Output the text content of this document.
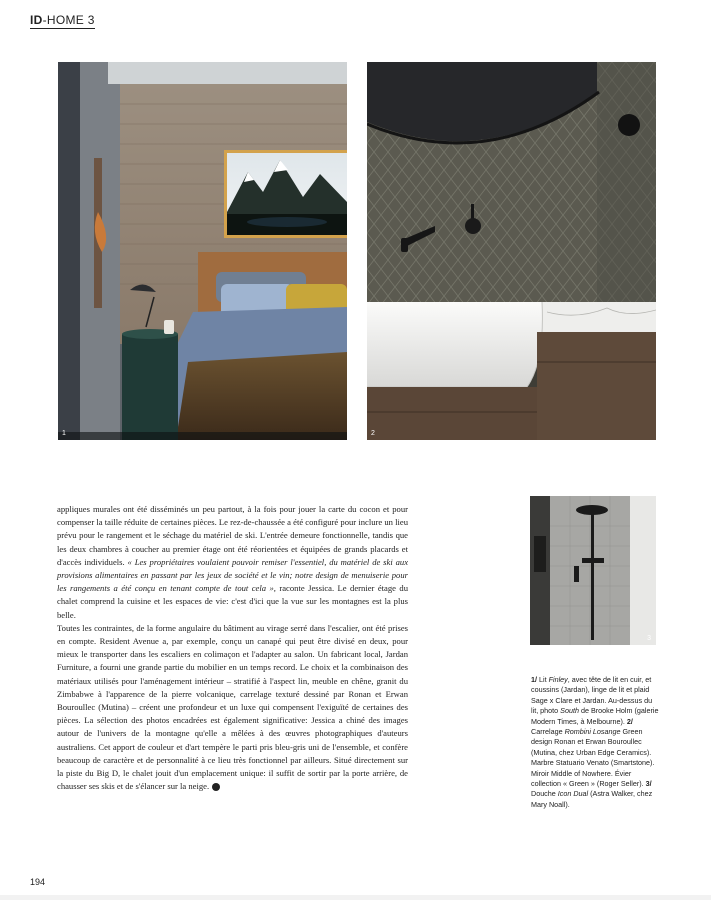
ID-HOME 3
1	2

appliques murales ont été disséminés un peu partout, à la fois pour jouer la carte du cocon et pour compenser la taille réduite de certaines pièces. Le rez-de-chaussée a été configuré pour inclure un lieu prévu pour le rangement et le séchage du matériel de ski. L'entrée demeure fonctionnelle, tandis que les deux chambres à coucher au premier étage ont été réorientées et équipées de grands placards et d'accès individuels. « Les propriétaires voulaient pouvoir remiser l'essentiel, du matériel de ski aux provisions alimentaires en passant par les jeux de société et le vin; notre design de menuiserie pour les rangements a été conçu en tenant compte de tout cela », raconte Jessica. Le dernier étage du chalet comprend la cuisine et les espaces de vie: c'est d'ici que la vue sur les montagnes est la plus belle.

Toutes les contraintes, de la forme angulaire du bâtiment au virage serré dans l'escalier, ont été prises en compte. Resident Avenue a, par exemple, conçu un canapé qui peut être divisé en deux, pour mieux le transporter dans les escaliers en colimaçon et l'adapter au salon. Un fabricant local, Jardan Furniture, a fourni une grande partie du mobilier en un temps record. Le choix et la combinaison des matériaux utilisés pour l'aménagement intérieur – stratifié à l'aspect lin, meuble en chêne, granit du Zimbabwe à l'apparence de la pierre volcanique, carrelage texturé dessiné par Ronan et Erwan Bouroullec (Mutina) – créent une profondeur et un luxe qui compensent l'exiguïté de certaines des pièces. La sélection des photos encadrées est également significative: Jessica a chiné des images autour de l'univers de la montagne qu'elle a mêlées à des œuvres photographiques d'auteurs australiens. Cet apport de couleur et d'art tempère le parti pris bleu-gris uni de l'ensemble, et confère beaucoup de caractère et de personnalité à ce lieu très fonctionnel par ailleurs. Situé directement sur la piste du Big D, le chalet jouit d'un emplacement unique: il suffit de sortir par la porte arrière, de chausser ses skis et de s'élancer sur la neige.

3

1/ Lit Finley, avec tête de lit en cuir, et coussins (Jardan), linge de lit et plaid Sage x Clare et Jardan. Au-dessus du lit, photo South de Brooke Holm (galerie Modern Times, à Melbourne). 2/ Carrelage Rombini Losange Green design Ronan et Erwan Bouroullec (Mutina, chez Urban Edge Ceramics). Marbre Statuario Venato (Smartstone). Miroir Middle of Nowhere. Évier collection « Green » (Roger Seller). 3/ Douche Icon Dual (Astra Walker, chez Mary Noall).

194
